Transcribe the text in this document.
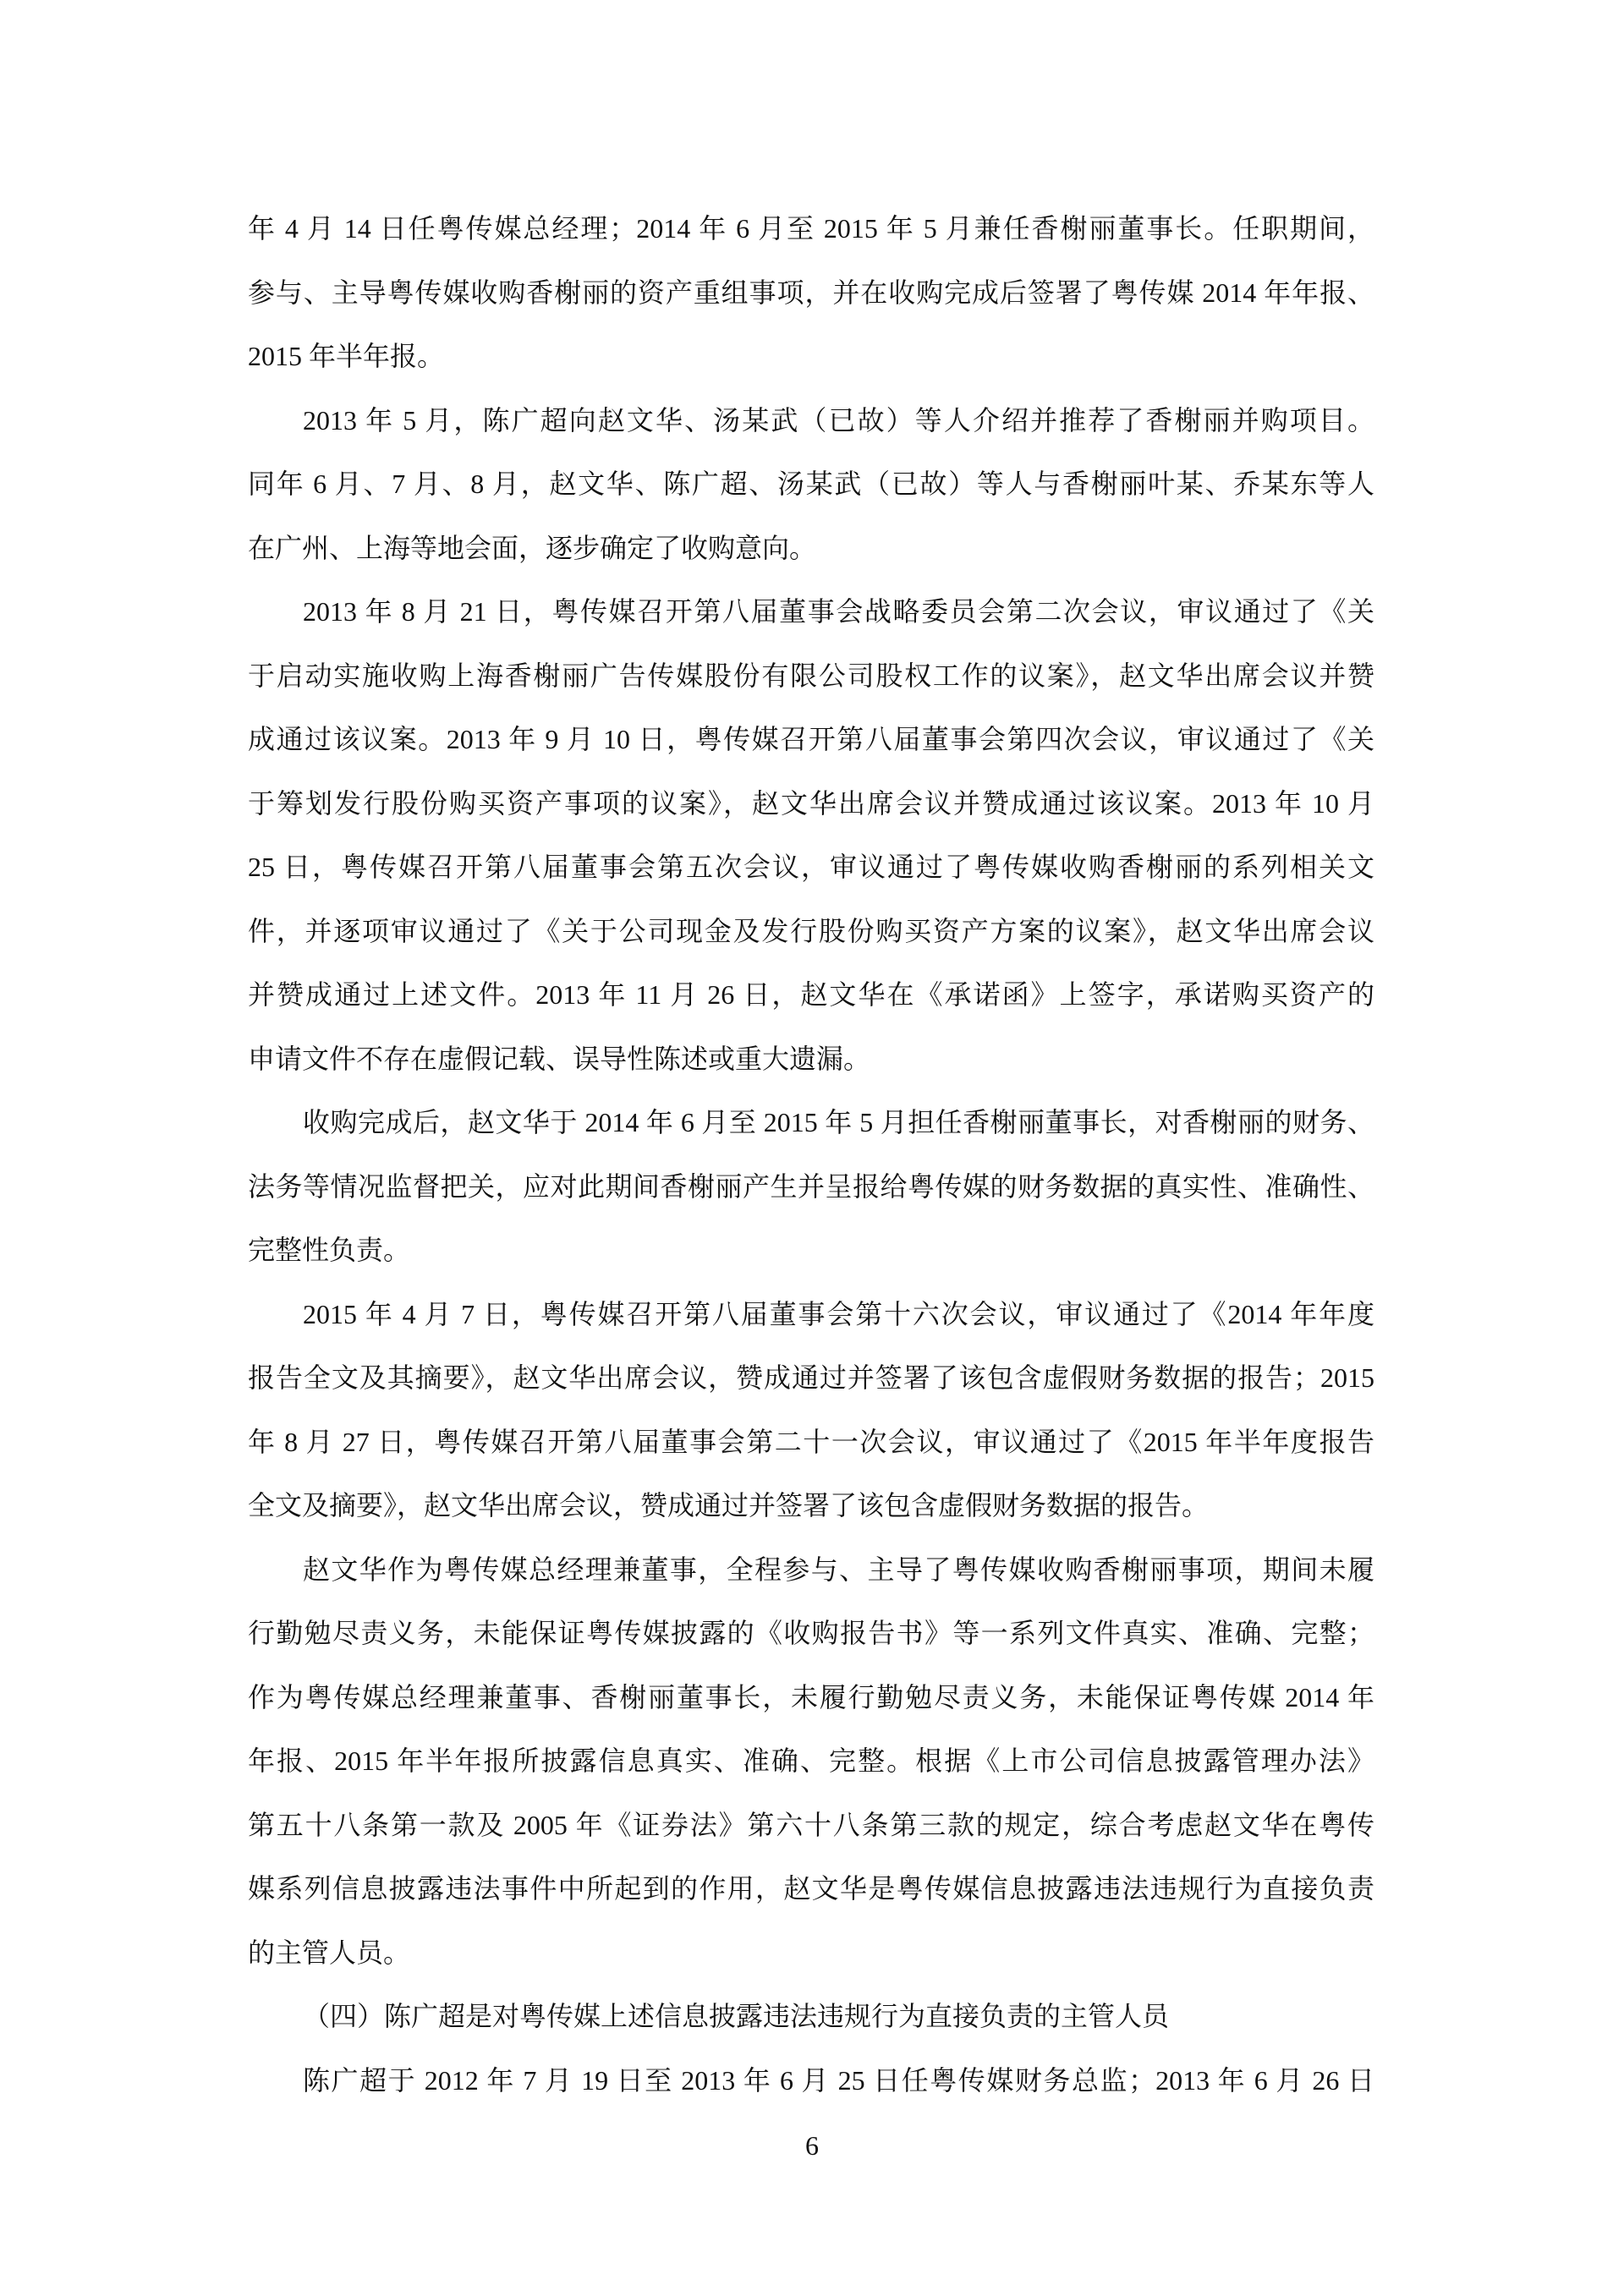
年 4 月 14 日任粤传媒总经理；2014 年 6 月至 2015 年 5 月兼任香榭丽董事长。任职期间，
参与、主导粤传媒收购香榭丽的资产重组事项，并在收购完成后签署了粤传媒 2014 年年报、
2015 年半年报。
2013 年 5 月，陈广超向赵文华、汤某武（已故）等人介绍并推荐了香榭丽并购项目。
同年 6 月、7 月、8 月，赵文华、陈广超、汤某武（已故）等人与香榭丽叶某、乔某东等人
在广州、上海等地会面，逐步确定了收购意向。
2013 年 8 月 21 日，粤传媒召开第八届董事会战略委员会第二次会议，审议通过了《关
于启动实施收购上海香榭丽广告传媒股份有限公司股权工作的议案》，赵文华出席会议并赞
成通过该议案。2013 年 9 月 10 日，粤传媒召开第八届董事会第四次会议，审议通过了《关
于筹划发行股份购买资产事项的议案》，赵文华出席会议并赞成通过该议案。2013 年 10 月
25 日，粤传媒召开第八届董事会第五次会议，审议通过了粤传媒收购香榭丽的系列相关文
件，并逐项审议通过了《关于公司现金及发行股份购买资产方案的议案》，赵文华出席会议
并赞成通过上述文件。2013 年 11 月 26 日，赵文华在《承诺函》上签字，承诺购买资产的
申请文件不存在虚假记载、误导性陈述或重大遗漏。
收购完成后，赵文华于 2014 年 6 月至 2015 年 5 月担任香榭丽董事长，对香榭丽的财务、
法务等情况监督把关，应对此期间香榭丽产生并呈报给粤传媒的财务数据的真实性、准确性、
完整性负责。
2015 年 4 月 7 日，粤传媒召开第八届董事会第十六次会议，审议通过了《2014 年年度
报告全文及其摘要》，赵文华出席会议，赞成通过并签署了该包含虚假财务数据的报告；2015
年 8 月 27 日，粤传媒召开第八届董事会第二十一次会议，审议通过了《2015 年半年度报告
全文及摘要》，赵文华出席会议，赞成通过并签署了该包含虚假财务数据的报告。
赵文华作为粤传媒总经理兼董事，全程参与、主导了粤传媒收购香榭丽事项，期间未履
行勤勉尽责义务，未能保证粤传媒披露的《收购报告书》等一系列文件真实、准确、完整；
作为粤传媒总经理兼董事、香榭丽董事长，未履行勤勉尽责义务，未能保证粤传媒 2014 年
年报、2015 年半年报所披露信息真实、准确、完整。根据《上市公司信息披露管理办法》
第五十八条第一款及 2005 年《证券法》第六十八条第三款的规定，综合考虑赵文华在粤传
媒系列信息披露违法事件中所起到的作用，赵文华是粤传媒信息披露违法违规行为直接负责
的主管人员。
（四）陈广超是对粤传媒上述信息披露违法违规行为直接负责的主管人员
陈广超于 2012 年 7 月 19 日至 2013 年 6 月 25 日任粤传媒财务总监；2013 年 6 月 26 日
6
